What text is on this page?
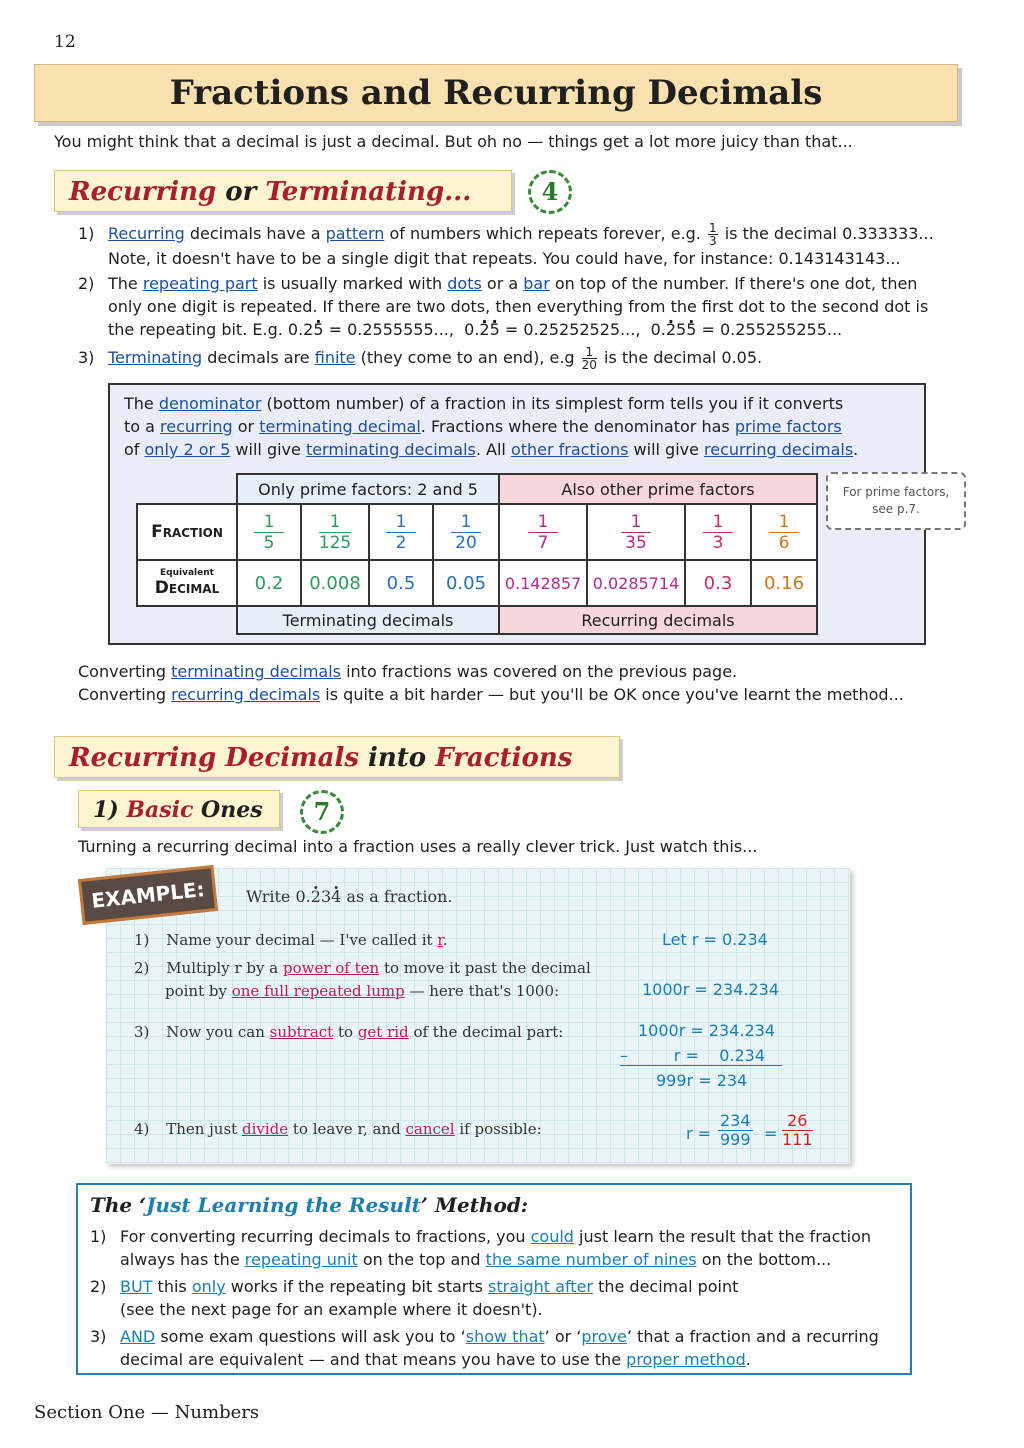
12
Fractions and Recurring Decimals
You might think that a decimal is just a decimal. But oh no — things get a lot more juicy than that...
Recurring or Terminating...	4
1) Recurring decimals have a pattern of numbers which repeats forever, e.g. $\frac{1}{3}$ is the decimal 0.333333...
Note, it doesn't have to be a single digit that repeats. You could have, for instance: 0.143143143...
2) The repeating part is usually marked with dots or a bar on top of the number. If there's one dot, then
only one digit is repeated. If there are two dots, then everything from the first dot to the second dot is
the repeating bit. E.g. 0.2· 5 = 0.2555555...,  0.· 2· 5 = 0.25252525...,  0.· 25· 5 = 0.255255255...
3) Terminating decimals are finite (they come to an end), $e.g \frac{1}{20}$ is the decimal 0.05.
The denominator (bottom number) of a fraction in its simplest form tells you if it converts
to a recurring or terminating decimal. Fractions where the denominator has prime factors
of only 2 or 5 will give terminating decimals. All other fractions will give recurring decimals.
	Only prime factors: 2 and 5				Also other prime factors			
Fraction	$\frac{1}{5}$	$\frac{1}{125}$	$\frac{1}{2}$	$\frac{1}{20}$	$\frac{1}{7}$	$\frac{1}{35}$	$\frac{1}{3}$	$\frac{1}{6}$

Equivalent
Decimal	0.2	0.008	0.5	0.05	0.142857	0.0285714	0.3	0.16
	Terminating decimals				Recurring decimals			
For prime factors,
see p.7.
Converting terminating decimals into fractions was covered on the previous page.
Converting recurring decimals is quite a bit harder — but you'll be OK once you've learnt the method...
Recurring Decimals into Fractions
1) Basic Ones	7
Turning a recurring decimal into a fraction uses a really clever trick. Just watch this...
EXAMPLE:	Write 0.· 23· 4 as a fraction.
1) Name your decimal — I've called it r.
2) Multiply r by a power of ten to move it past the decimal
point by one full repeated lump — here that's 1000:
3) Now you can subtract to get rid of the decimal part:
4) Then just divide to leave r, and cancel if possible:
Let r = 0.234
1000r = 234.234
1000r = 234.234
–         r =    0.234
999r = 234
$r = \frac{234}{999} = \frac{26}{111}$
The ‘Just Learning the Result’ Method:
1) For converting recurring decimals to fractions, you could just learn the result that the fraction
always has the repeating unit on the top and the same number of nines on the bottom...
2) BUT this only works if the repeating bit starts straight after the decimal point
(see the next page for an example where it doesn't).
3) AND some exam questions will ask you to ‘show that’ or ‘prove’ that a fraction and a recurring
decimal are equivalent — and that means you have to use the proper method.
Section One — Numbers
